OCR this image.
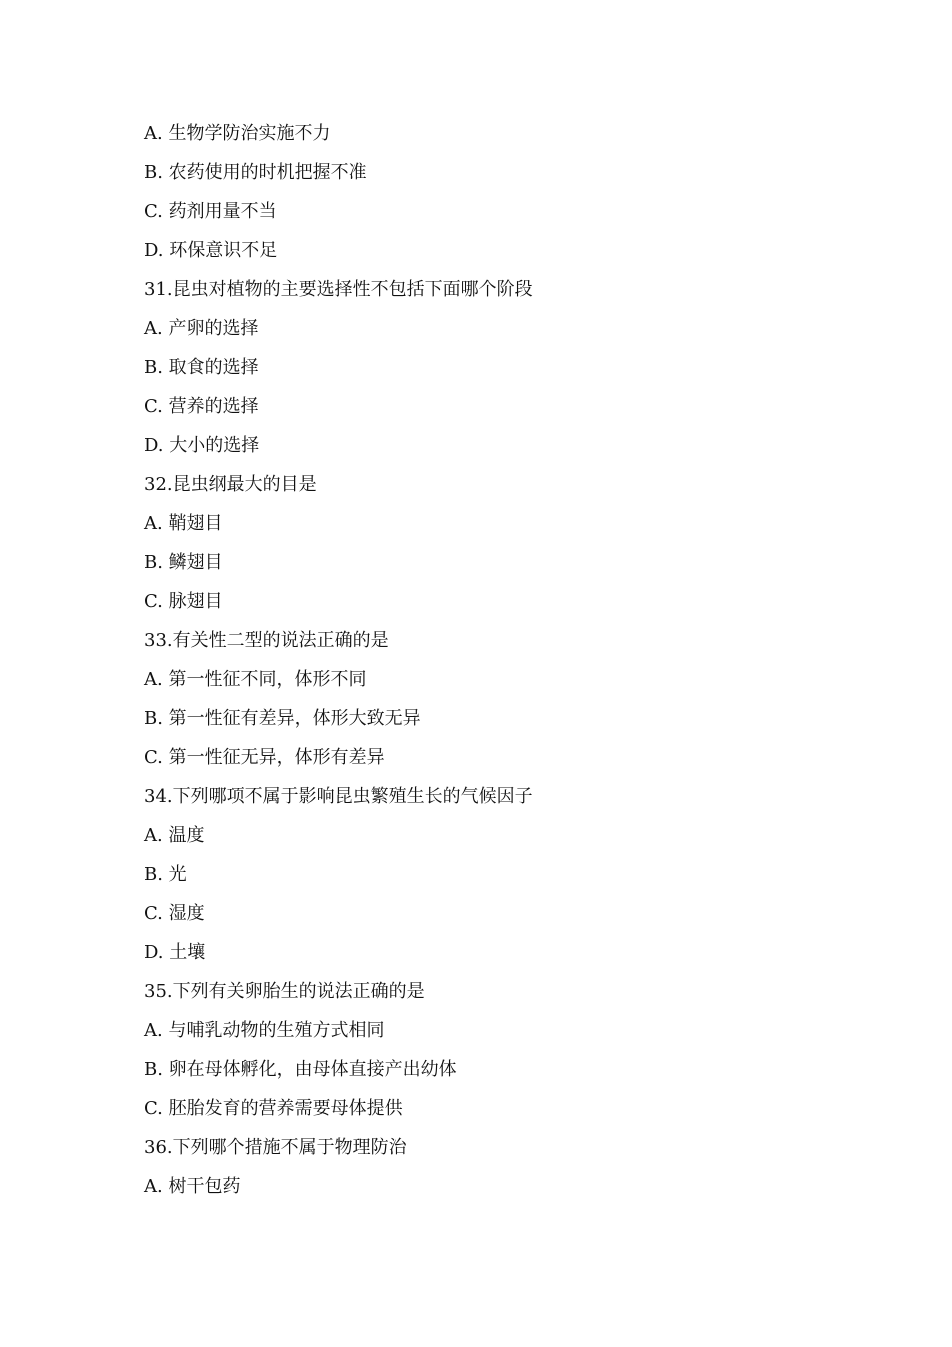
A. 生物学防治实施不力
B. 农药使用的时机把握不准
C. 药剂用量不当
D. 环保意识不足
31.昆虫对植物的主要选择性不包括下面哪个阶段
A. 产卵的选择
B. 取食的选择
C. 营养的选择
D. 大小的选择
32.昆虫纲最大的目是
A. 鞘翅目
B. 鳞翅目
C. 脉翅目
33.有关性二型的说法正确的是
A. 第一性征不同，体形不同
B. 第一性征有差异，体形大致无异
C. 第一性征无异，体形有差异
34.下列哪项不属于影响昆虫繁殖生长的气候因子
A. 温度
B. 光
C. 湿度
D. 土壤
35.下列有关卵胎生的说法正确的是
A. 与哺乳动物的生殖方式相同
B. 卵在母体孵化，由母体直接产出幼体
C. 胚胎发育的营养需要母体提供
36.下列哪个措施不属于物理防治
A. 树干包药
